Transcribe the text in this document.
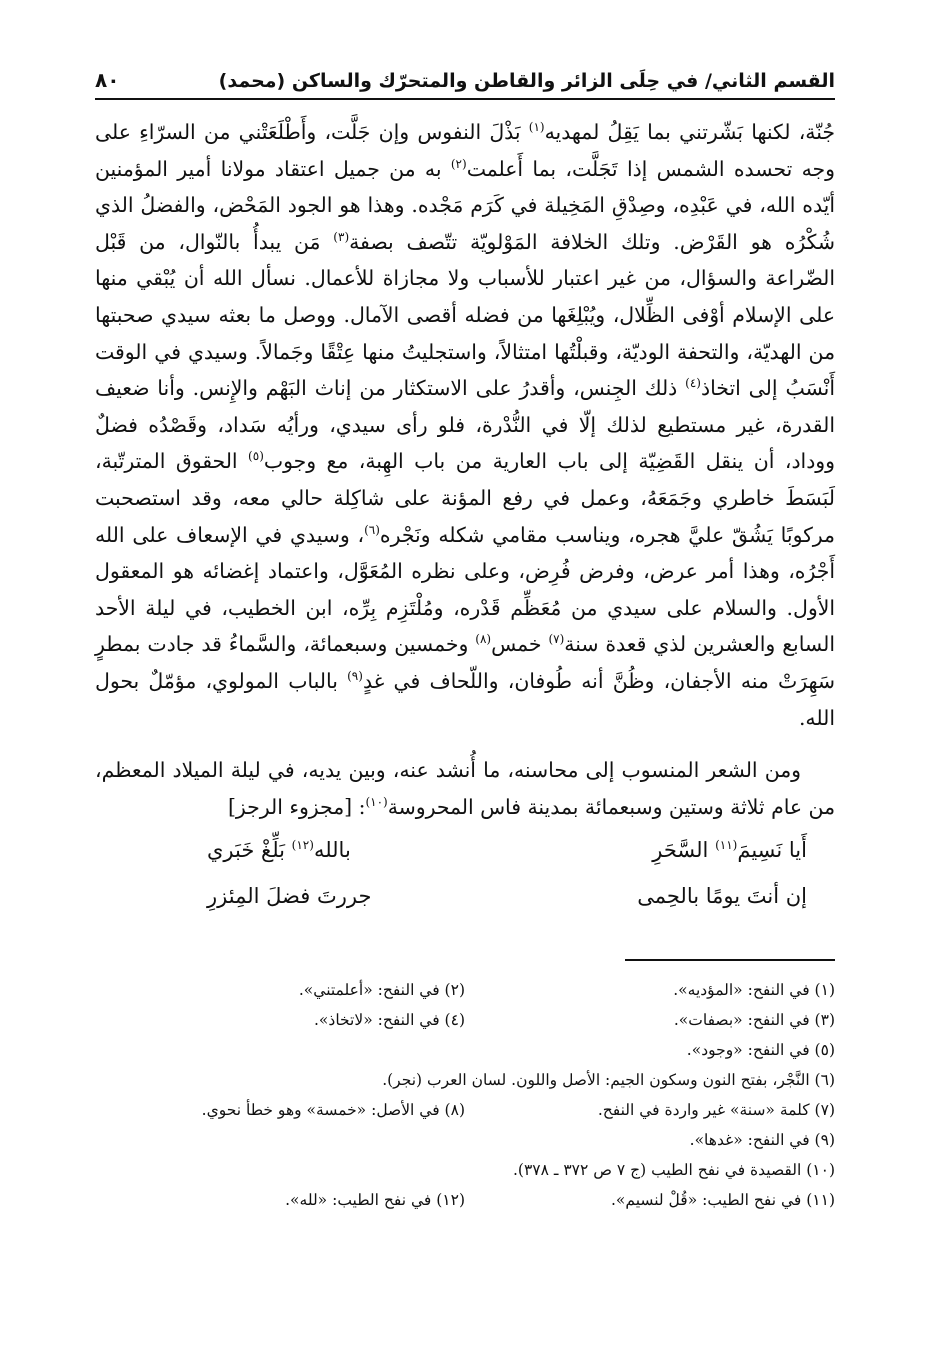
القسم الثاني/ في حِلَى الزائر والقاطن والمتحرّك والساكن (محمد)
٨٠

جُنّة، لكنها بَشّرتني بما يَقِلُ لمهديه$^{(١)}$ بَذْلَ النفوس وإن جَلَّت، وأَطْلَعَتْني من السرّاءِ على وجه تحسده الشمس إذا تَجَلَّت، بما أَعلمت$^{(٢)}$ به من جميل اعتقاد مولانا أمير المؤمنين أيّده الله، في عَبْدِه، وصِدْقِ المَخِيلة في كَرَم مَجْده. وهذا هو الجود المَحْض، والفضلُ الذي شُكْرُه هو القَرْض. وتلك الخلافة المَوْلويّة تتّصف بصفة$^{(٣)}$ مَن يبدأُ بالنّوال، من قَبْل الضّراعة والسؤال، من غير اعتبار للأسباب ولا مجازاة للأعمال. نسأل الله أن يُبْقي منها على الإسلام أوْفى الظِّلال، ويُبْلِغَها من فضله أقصى الآمال. ووصل ما بعثه سيدي صحبتها من الهديّة، والتحفة الوديّة، وقبلْتُها امتثالاً، واستجليتُ منها عِتْقًا وجَمالاً. وسيدي في الوقت أَنْسَبُ إلى اتخاذ$^{(٤)}$ ذلك الجِنس، وأقدرُ على الاستكثار من إناث البَهْم والإِنس. وأنا ضعيف القدرة، غير مستطيع لذلك إلّا في النُّدْرة، فلو رأى سيدي، ورأيُه سَداد، وقَصْدُه فضلٌ ووداد، أن ينقل القَضِيّة إلى باب العارية من باب الهِبة، مع وجوب$^{(٥)}$ الحقوق المترتّبة، لَبَسَطَ خاطري وجَمَعَهُ، وعمل في رفع المؤنة على شاكِلة حالي معه، وقد استصحبت مركوبًا يَشُقّ عليَّ هجره، ويناسب مقامي شكله ونَجْره$^{(٦)}$، وسيدي في الإسعاف على الله أَجْرُه، وهذا أمر عرض، وفرض فُرِض، وعلى نظره المُعَوَّل، واعتماد إغضائه هو المعقول الأول. والسلام على سيدي من مُعَظِّم قَدْره، ومُلْتَزِم بِرِّه، ابن الخطيب، في ليلة الأحد السابع والعشرين لذي قعدة سنة$^{(٧)}$ خمس$^{(٨)}$ وخمسين وسبعمائة، والسَّماءُ قد جادت بمطرٍ سَهِرَتْ منه الأجفان، وظُنَّ أنه طُوفان، واللّحاف في غدٍ$^{(٩)}$ بالباب المولوي، مؤمّلٌ بحول الله.

ومن الشعر المنسوب إلى محاسنه، ما أُنشد عنه، وبين يديه، في ليلة الميلاد المعظم، من عام ثلاثة وستين وسبعمائة بمدينة فاس المحروسة$^{(١٠)}$: [مجزوء الرجز]

أَيا نَسِيمَ$^{(١١)}$ السَّحَرِ
بالله$^{(١٢)}$ بَلِّغْ خَبَري
إن أنتَ يومًا بالحِمى
جررتَ فضلَ المِئزرِ
(١) في النفح: «المؤديه».
(٢) في النفح: «أعلمتني».
(٣) في النفح: «بصفات».
(٤) في النفح: «لاتخاذ».
(٥) في النفح: «وجود».
(٦) النَّجْر، بفتح النون وسكون الجيم: الأصل واللون. لسان العرب (نجر).
(٧) كلمة «سنة» غير واردة في النفح.
(٨) في الأصل: «خمسة» وهو خطأ نحوي.
(٩) في النفح: «غدها».
(١٠) القصيدة في نفح الطيب (ج ٧ ص ٣٧٢ ـ ٣٧٨).
(١١) في نفح الطيب: «قُلْ لنسيم».
(١٢) في نفح الطيب: «لله».
